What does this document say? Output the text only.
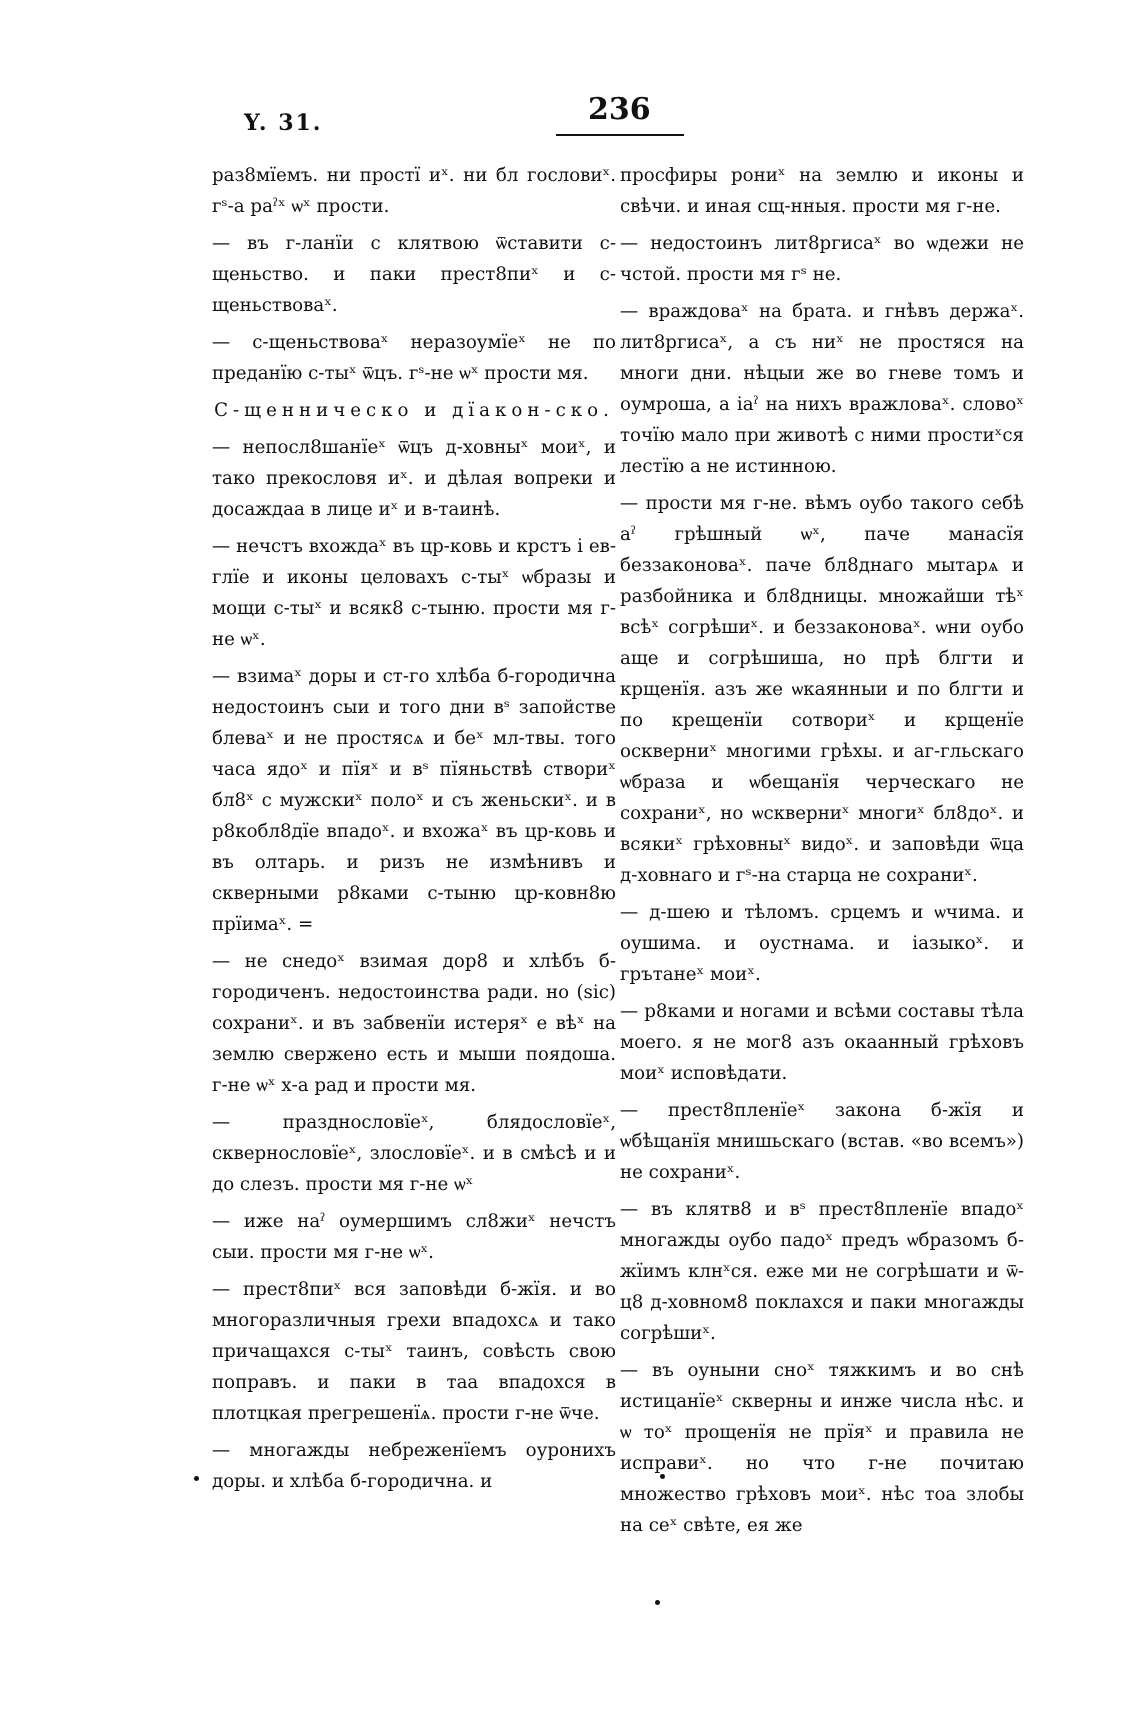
Y. 31.	236

раз8мїемъ. ни простї иˣ. ни бл гословиˣ. гˢ-а раˀˣ ѡˣ прости.

— въ г-ланїи с клятвою ѿставити с-щеньство. и паки прест8пиˣ и с-щеньствоваˣ.

— с-щеньствоваˣ неразоумїеˣ не по преданїю с-тыˣ ѿцъ. гˢ-не ѡˣ прости мя.

С-щенническо и дїакон-ско.

— непосл8шанїеˣ ѿцъ д-ховныˣ моиˣ, и тако прекословя иˣ. и дѣлая вопреки и досаждаа в лице иˣ и в-таинѣ.

— нечстъ вхождаˣ въ цр-ковь и крстъ і ев-глїе и иконы целовахъ с-тыˣ ѡбразы и мощи с-тыˣ и всяк8 с-тыню. прости мя г-не ѡˣ.

— взимаˣ доры и ст-го хлѣба б-городична недостоинъ сыи и того дни вˢ запойстве блеваˣ и не простясѧ и беˣ мл-твы. того часа ядоˣ и пїяˣ и вˢ пїяньствѣ створиˣ бл8ˣ с мужскиˣ полоˣ и съ женьскиˣ. и в р8кобл8дїе впадоˣ. и вхожаˣ въ цр-ковь и въ олтарь. и ризъ не измѣнивъ и скверными р8ками с-тыню цр-ковн8ю прїимаˣ. =

— не снедоˣ взимая дор8 и хлѣбъ б-городиченъ. недостоинства ради. но (sic) сохраниˣ. и въ забвенїи истеряˣ е вѣˣ на землю свержено есть и мыши поядоша. г-не ѡˣ х-а рад и прости мя.

— празднословїеˣ, блядословїеˣ, сквернословїеˣ, злословїеˣ. и в смѣсѣ и и до слезъ. прости мя г-не ѡˣ

— иже наˀ оумершимъ сл8жиˣ нечстъ сыи. прости мя г-не ѡˣ.

— прест8пиˣ вся заповѣди б-жїя. и во многоразличныя грехи впадохсѧ и тако причащахся с-тыˣ таинъ, совѣсть свою поправъ. и паки в таа впадохся в плотцкая прегрешенїѧ. прости г-не ѿче.

— многажды небреженїемъ оуронихъ доры. и хлѣба б-городична. и

просфиры рониˣ на землю и иконы и свѣчи. и иная сщ-нныя. прости мя г-не.

— недостоинъ лит8ргисаˣ во ѡдежи не чстой. прости мя гˢ не.

— враждоваˣ на брата. и гнѣвъ держаˣ. лит8ргисаˣ, а съ ниˣ не простяся на многи дни. нѣцыи же во гневе томъ и оумроша, а іаˀ на нихъ вражловаˣ. словоˣ точїю мало при животѣ с ними простиˣся лестїю а не истинною.

— прости мя г-не. вѣмъ оубо такого себѣ аˀ грѣшный ѡˣ, паче манасїя беззаконоваˣ. паче бл8днаго мытарѧ и разбойника и бл8дницы. множайши тѣˣ всѣˣ согрѣшиˣ. и беззаконоваˣ. ѡни оубо аще и согрѣшиша, но прѣ блгти и крщенїя. азъ же ѡкаянныи и по блгти и по крещенїи сотвориˣ и крщенїе оскверниˣ многими грѣхы. и аг-гльскаго ѡбраза и ѡбещанїя черческаго не сохраниˣ, но ѡскверниˣ многиˣ бл8доˣ. и всякиˣ грѣховныˣ видоˣ. и заповѣди ѿца д-ховнаго и гˢ-на старца не сохраниˣ.

— д-шею и тѣломъ. срцемъ и ѡчима. и оушима. и оустнама. и іазыкоˣ. и грътанеˣ моиˣ.

— р8ками и ногами и всѣми составы тѣла моего. я не мог8 азъ окаанный грѣховъ моиˣ исповѣдати.

— прест8пленїеˣ закона б-жїя и ѡбѣщанїя мнишьскаго (встав. «во всемъ») не сохраниˣ.

— въ клятв8 и вˢ прест8пленїе впадоˣ многажды оубо падоˣ предъ ѡбразомъ б-жїимъ клнˣся. еже ми не согрѣшати и ѿ-ц8 д-ховном8 поклахся и паки многажды согрѣшиˣ.

— въ оуныни сноˣ тяжкимъ и во снѣ истицанїеˣ скверны и инже числа нѣс. и ѡ тоˣ прощенїя не прїяˣ и правила не исправиˣ. но что г-не почитаю множество грѣховъ моиˣ. нѣс тоа злобы на сеˣ свѣте, ея же
